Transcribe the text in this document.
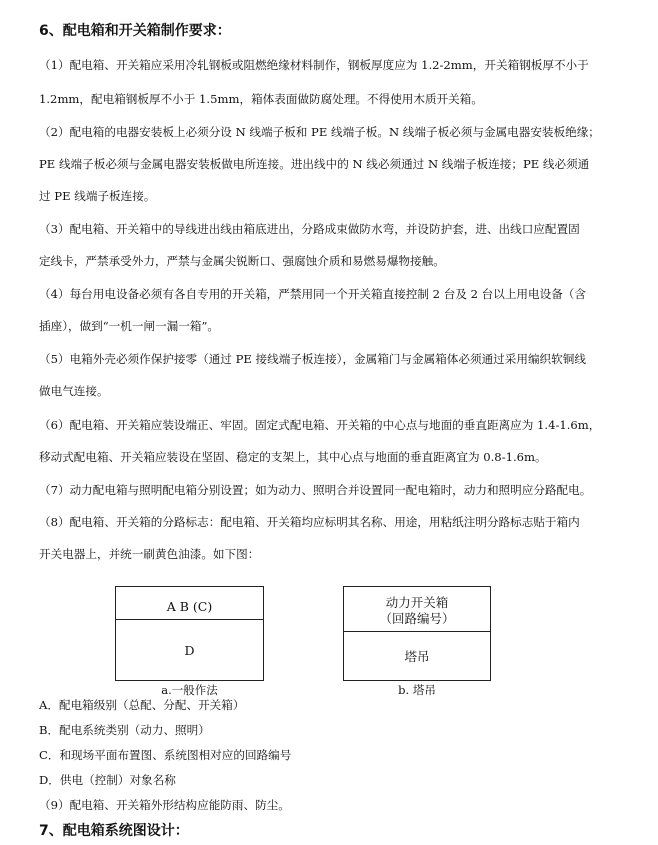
6、配电箱和开关箱制作要求：
（1）配电箱、开关箱应采用冷轧钢板或阻燃绝缘材料制作，钢板厚度应为 1.2-2mm，开关箱钢板厚不小于
1.2mm，配电箱钢板厚不小于 1.5mm，箱体表面做防腐处理。不得使用木质开关箱。
（2）配电箱的电器安装板上必须分设 N 线端子板和 PE 线端子板。N 线端子板必须与金属电器安装板绝缘；
PE 线端子板必须与金属电器安装板做电所连接。进出线中的 N 线必须通过 N 线端子板连接；PE 线必须通
过 PE 线端子板连接。
（3）配电箱、开关箱中的导线进出线由箱底进出，分路成束做防水弯，并设防护套，进、出线口应配置固
定线卡，严禁承受外力，严禁与金属尖锐断口、强腐蚀介质和易燃易爆物接触。
（4）每台用电设备必须有各自专用的开关箱，严禁用同一个开关箱直接控制 2 台及 2 台以上用电设备（含
插座），做到“一机一闸一漏一箱”。
（5）电箱外壳必须作保护接零（通过 PE 接线端子板连接），金属箱门与金属箱体必须通过采用编织软铜线
做电气连接。
（6）配电箱、开关箱应装设端正、牢固。固定式配电箱、开关箱的中心点与地面的垂直距离应为 1.4-1.6m，
移动式配电箱、开关箱应装设在坚固、稳定的支架上，其中心点与地面的垂直距离宜为 0.8-1.6m。
（7）动力配电箱与照明配电箱分别设置；如为动力、照明合并设置同一配电箱时，动力和照明应分路配电。
（8）配电箱、开关箱的分路标志：配电箱、开关箱均应标明其名称、用途，用粘纸注明分路标志贴于箱内
开关电器上，并统一刷黄色油漆。如下图：
A B (C)
D
a.一般作法
动力开关箱
（回路编号）
塔吊
b. 塔吊
A．配电箱级别（总配、分配、开关箱）
B．配电系统类别（动力、照明）
C．和现场平面布置图、系统图相对应的回路编号
D．供电（控制）对象名称
（9）配电箱、开关箱外形结构应能防雨、防尘。
7、配电箱系统图设计：
